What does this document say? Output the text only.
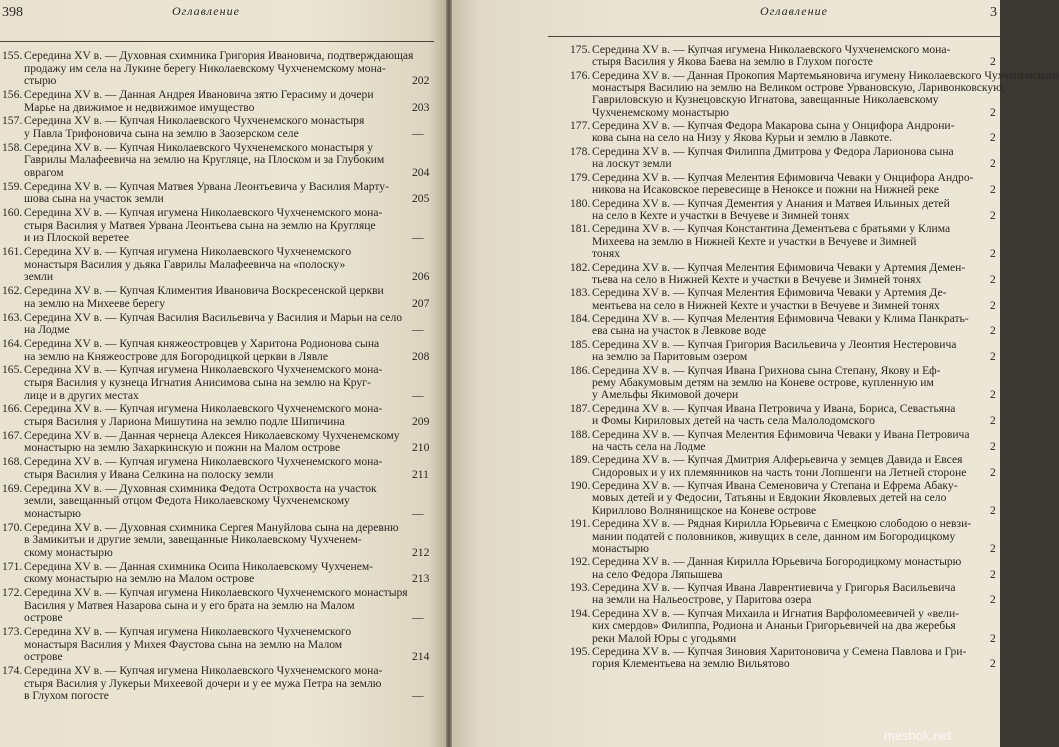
398	Оглавление
155. Середина XV в. — Духовная схимника Григория Ивановича, подтверждающая
продажу им села на Лукине берегу Николаевскому Чухченемскому мона-
стырю	202
156. Середина XV в. — Данная Андрея Ивановича зятю Герасиму и дочери
Марье на движимое и недвижимое имущество	203
157. Середина XV в. — Купчая Николаевского Чухченемского монастыря
у Павла Трифоновича сына на землю в Заозерском селе	—
158. Середина XV в. — Купчая Николаевского Чухченемского монастыря у
Гаврилы Малафеевича на землю на Кругляце, на Плоском и за Глубоким
оврагом	204
159. Середина XV в. — Купчая Матвея Урвана Леонтьевича у Василия Марту-
шова сына на участок земли	205
160. Середина XV в. — Купчая игумена Николаевского Чухченемского мона-
стыря Василия у Матвея Урвана Леонтьева сына на землю на Кругляце
и из Плоской веретее	—
161. Середина XV в. — Купчая игумена Николаевского Чухченемского
монастыря Василия у дьяка Гаврилы Малафеевича на «полоску»
земли	206
162. Середина XV в. — Купчая Климентия Ивановича Воскресенской церкви
на землю на Михееве берегу	207
163. Середина XV в. — Купчая Василия Васильевича у Василия и Марьи на село
на Лодме	—
164. Середина XV в. — Купчая княжеостровцев у Харитона Родионова сына
на землю на Княжеострове для Богородицкой церкви в Лявле	208
165. Середина XV в. — Купчая игумена Николаевского Чухченемского мона-
стыря Василия у кузнеца Игнатия Анисимова сына на землю на Круг-
лице и в других местах	—
166. Середина XV в. — Купчая игумена Николаевского Чухченемского мона-
стыря Василия у Лариона Мишутина на землю подле Шипичина	209
167. Середина XV в. — Данная чернеца Алексея Николаевскому Чухченемскому
монастырю на землю Захаркинскую и пожни на Малом острове	210
168. Середина XV в. — Купчая игумена Николаевского Чухченемского мона-
стыря Василия у Ивана Селкина на полоску земли	211
169. Середина XV в. — Духовная схимника Федота Острохвоста на участок
земли, завещанный отцом Федота Николаевскому Чухченемскому
монастырю	—
170. Середина XV в. — Духовная схимника Сергея Мануйлова сына на деревню
в Замикитьи и другие земли, завещанные Николаевскому Чухченем-
скому монастырю	212
171. Середина XV в. — Данная схимника Осипа Николаевскому Чухченем-
скому монастырю на землю на Малом острове	213
172. Середина XV в. — Купчая игумена Николаевского Чухченемского монастыря
Василия у Матвея Назарова сына и у его брата на землю на Малом
острове	—
173. Середина XV в. — Купчая игумена Николаевского Чухченемского
монастыря Василия у Михея Фаустова сына на землю на Малом
острове	214
174. Середина XV в. — Купчая игумена Николаевского Чухченемского мона-
стыря Василия у Лукерьи Михеевой дочери и у ее мужа Петра на землю
в Глухом погосте	—
Оглавление	3
175. Середина XV в. — Купчая игумена Николаевского Чухченемского мона-
стыря Василия у Якова Баева на землю в Глухом погосте	2
176. Середина XV в. — Данная Прокопия Мартемьяновича игумену Николаевского Чухченемского
монастыря Василию на землю на Великом острове Урвановскую, Ларивонковскую,
Гавриловскую и Кузнецовскую Игнатова, завещанные Николаевскому
Чухченемскому монастырю	2
177. Середина XV в. — Купчая Федора Макарова сына у Онцифора Андрони-
кова сына на село на Низу у Якова Курьи и землю в Лавкоте.	2
178. Середина XV в. — Купчая Филиппа Дмитрова у Федора Ларионова сына
на лоскут земли	2
179. Середина XV в. — Купчая Мелентия Ефимовича Чеваки у Онцифора Андро-
никова на Исаковское перевесище в Неноксе и пожни на Нижней реке	2
180. Середина XV в. — Купчая Дементия у Анания и Матвея Ильиных детей
на село в Кехте и участки в Вечуеве и Зимней тонях	2
181. Середина XV в. — Купчая Константина Дементьева с братьями у Клима
Михеева на землю в Нижней Кехте и участки в Вечуеве и Зимней
тонях	2
182. Середина XV в. — Купчая Мелентия Ефимовича Чеваки у Артемия Демен-
тьева на село в Нижней Кехте и участки в Вечуеве и Зимней тонях	2
183. Середина XV в. — Купчая Мелентия Ефимовича Чеваки у Артемия Де-
ментьева на село в Нижней Кехте и участки в Вечуеве и Зимней тонях	2
184. Середина XV в. — Купчая Мелентия Ефимовича Чеваки у Клима Панкрать-
ева сына на участок в Левкове водe	2
185. Середина XV в. — Купчая Григория Васильевича у Леонтия Нестеровича
на землю за Паритовым озером	2
186. Середина XV в. — Купчая Ивана Грихнова сына Степану, Якову и Еф-
рему Абакумовым детям на землю на Коневе острове, купленную им
у Амельфы Якимовой дочери	2
187. Середина XV в. — Купчая Ивана Петровича у Ивана, Бориса, Севастьяна
и Фомы Кириловых детей на часть села Малолодомского	2
188. Середина XV в. — Купчая Мелентия Ефимовича Чеваки у Ивана Петровича
на часть села на Лодме	2
189. Середина XV в. — Купчая Дмитрия Алферьевича у земцев Давида и Евсея
Сидоровых и у их племянников на часть тони Лопшенги на Летней стороне 2
190. Середина XV в. — Купчая Ивана Семеновича у Степана и Ефрема Абаку-
мовых детей и у Федосии, Татьяны и Евдокии Яковлевых детей на село
Кириллово Волнянищское на Коневе острове	2
191. Середина XV в. — Рядная Кирилла Юрьевича с Емецкою слободою о невзи-
мании податей с половников, живущих в селе, данном им Богородицкому
монастырю	2
192. Середина XV в. — Данная Кирилла Юрьевича Богородицкому монастырю
на село Федора Ляпышева	2
193. Середина XV в. — Купчая Ивана Лаврентиевича у Григорья Васильевича
на земли на Нальеострове, у Паритова озера	2
194. Середина XV в. — Купчая Михаила и Игнатия Варфоломеевичей у «вели-
ких смердов» Филиппа, Родиона и Ананьи Григорьевичей на два жеребья
реки Малой Юры с угодьями	2
195. Середина XV в. — Купчая Зиновия Харитоновича у Семена Павлова и Гри-
гория Клементьева на землю Вильятово	2
meshok.net
